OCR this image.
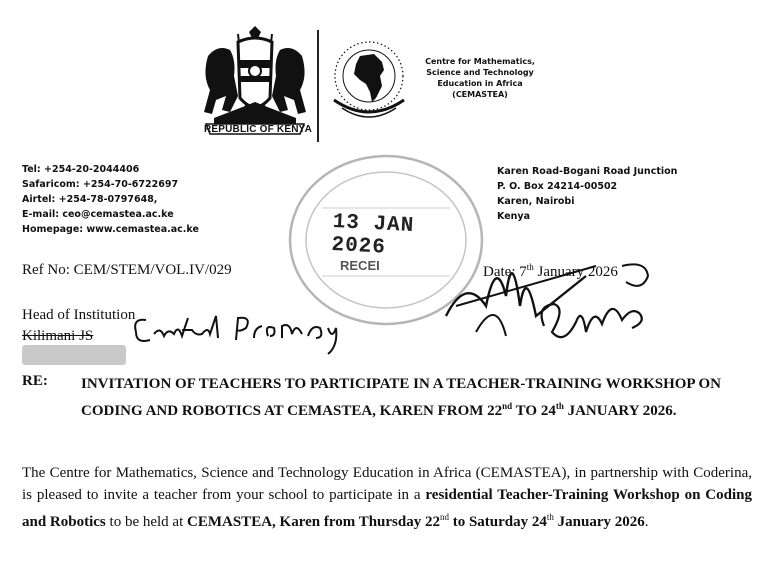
REPUBLIC OF KENYA
Centre for Mathematics,
Science and Technology
Education in Africa
(CEMASTEA)
Tel: +254-20-2044406
Safaricom: +254-70-6722697
Airtel: +254-78-0797648,
E-mail: ceo@cemastea.ac.ke
Homepage: www.cemastea.ac.ke
Karen Road-Bogani Road Junction
P. O. Box 24214-00502
Karen, Nairobi
Kenya
13 JAN 2026
RECEI
Ref No: CEM/STEM/VOL.IV/029	Date: 7th January 2026
Head of Institution
Kilimani JS
RE: INVITATION OF TEACHERS TO PARTICIPATE IN A TEACHER-TRAINING WORKSHOP ON CODING AND ROBOTICS AT CEMASTEA, KAREN FROM 22nd TO 24th JANUARY 2026.
The Centre for Mathematics, Science and Technology Education in Africa (CEMASTEA), in partnership with Coderina, is pleased to invite a teacher from your school to participate in a residential Teacher-Training Workshop on Coding and Robotics to be held at CEMASTEA, Karen from Thursday 22nd to Saturday 24th January 2026.
